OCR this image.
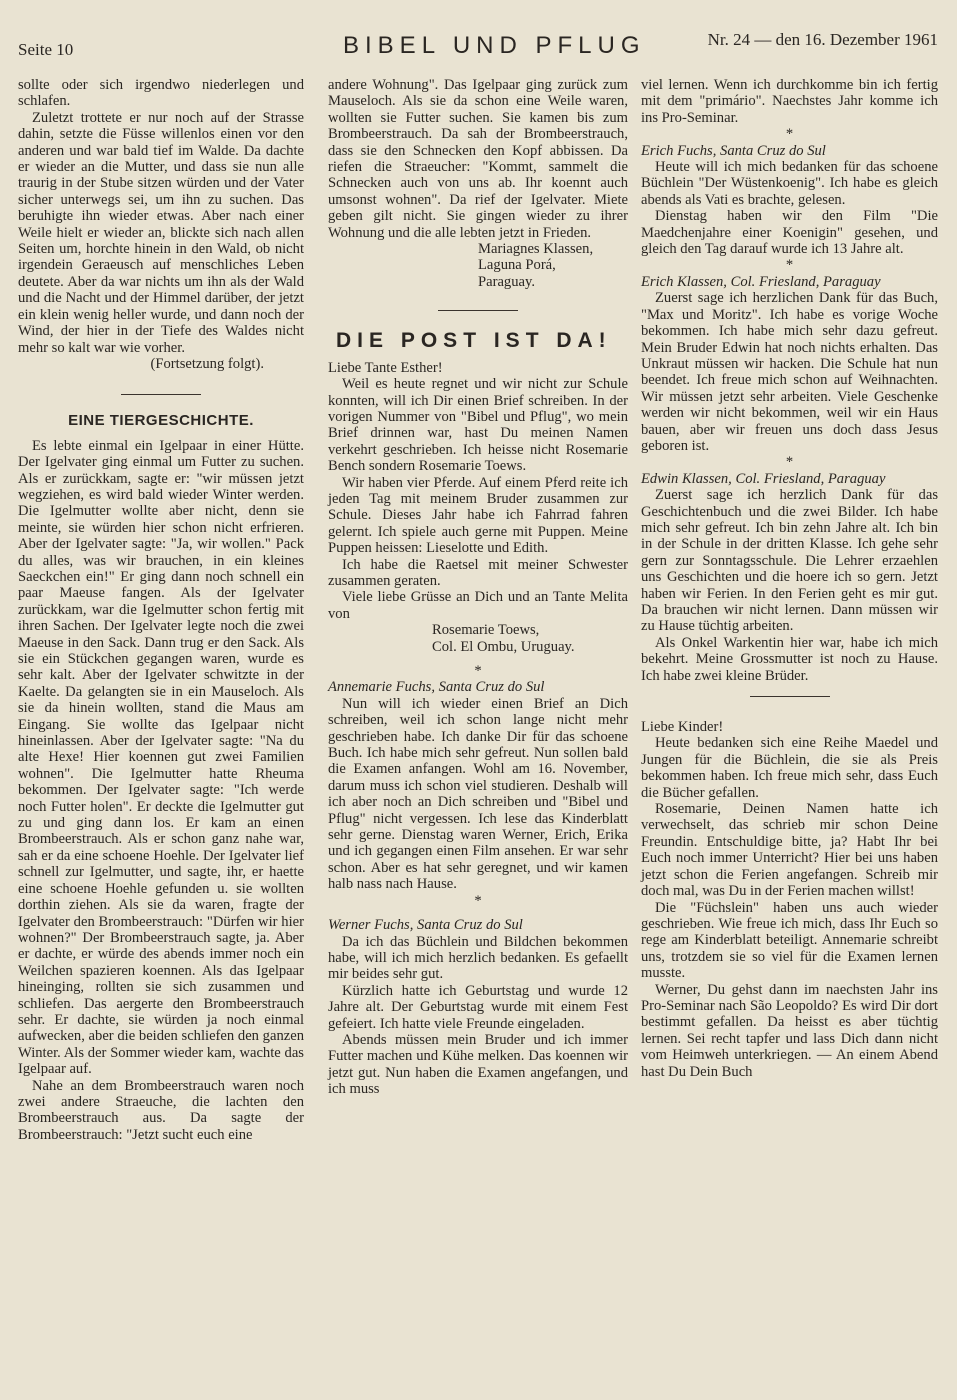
Seite 10	BIBEL UND PFLUG	Nr. 24 — den 16. Dezember 1961

sollte oder sich irgendwo niederlegen und schlafen.

Zuletzt trottete er nur noch auf der Strasse dahin, setzte die Füsse willenlos einen vor den anderen und war bald tief im Walde. Da dachte er wieder an die Mutter, und dass sie nun alle traurig in der Stube sitzen würden und der Vater sicher unterwegs sei, um ihn zu suchen. Das beruhigte ihn wieder etwas. Aber nach einer Weile hielt er wieder an, blickte sich nach allen Seiten um, horchte hinein in den Wald, ob nicht irgendein Geraeusch auf menschliches Leben deutete. Aber da war nichts um ihn als der Wald und die Nacht und der Himmel darüber, der jetzt ein klein wenig heller wurde, und dann noch der Wind, der hier in der Tiefe des Waldes nicht mehr so kalt war wie vorher.

(Fortsetzung folgt).

EINE TIERGESCHICHTE.

Es lebte einmal ein Igelpaar in einer Hütte. Der Igelvater ging einmal um Futter zu suchen. Als er zurückkam, sagte er: "wir müssen jetzt wegziehen, es wird bald wieder Winter werden. Die Igelmutter wollte aber nicht, denn sie meinte, sie würden hier schon nicht erfrieren. Aber der Igelvater sagte: "Ja, wir wollen." Pack du alles, was wir brauchen, in ein kleines Saeckchen ein!" Er ging dann noch schnell ein paar Maeuse fangen. Als der Igelvater zurückkam, war die Igelmutter schon fertig mit ihren Sachen. Der Igelvater legte noch die zwei Maeuse in den Sack. Dann trug er den Sack. Als sie ein Stückchen gegangen waren, wurde es sehr kalt. Aber der Igelvater schwitzte in der Kaelte. Da gelangten sie in ein Mauseloch. Als sie da hinein wollten, stand die Maus am Eingang. Sie wollte das Igelpaar nicht hineinlassen. Aber der Igelvater sagte: "Na du alte Hexe! Hier koennen gut zwei Familien wohnen". Die Igelmutter hatte Rheuma bekommen. Der Igelvater sagte: "Ich werde noch Futter holen". Er deckte die Igelmutter gut zu und ging dann los. Er kam an einen Brombeerstrauch. Als er schon ganz nahe war, sah er da eine schoene Hoehle. Der Igelvater lief schnell zur Igelmutter, und sagte, ihr, er haette eine schoene Hoehle gefunden u. sie wollten dorthin ziehen. Als sie da waren, fragte der Igelvater den Brombeerstrauch: "Dürfen wir hier wohnen?" Der Brombeerstrauch sagte, ja. Aber er dachte, er würde des abends immer noch ein Weilchen spazieren koennen. Als das Igelpaar hineinging, rollten sie sich zusammen und schliefen. Das aergerte den Brombeerstrauch sehr. Er dachte, sie würden ja noch einmal aufwecken, aber die beiden schliefen den ganzen Winter. Als der Sommer wieder kam, wachte das Igelpaar auf.

Nahe an dem Brombeerstrauch waren noch zwei andere Straeuche, die lachten den Brombeerstrauch aus. Da sagte der Brombeerstrauch: "Jetzt sucht euch eine

andere Wohnung". Das Igelpaar ging zurück zum Mauseloch. Als sie da schon eine Weile waren, wollten sie Futter suchen. Sie kamen bis zum Brombeerstrauch. Da sah der Brombeerstrauch, dass sie den Schnecken den Kopf abbissen. Da riefen die Straeucher: "Kommt, sammelt die Schnecken auch von uns ab. Ihr koennt auch umsonst wohnen". Da rief der Igelvater. Miete geben gilt nicht. Sie gingen wieder zu ihrer Wohnung und die alle lebten jetzt in Frieden.

Mariagnes Klassen,

Laguna Porá,

Paraguay.

DIE POST IST DA!

Liebe Tante Esther!

Weil es heute regnet und wir nicht zur Schule konnten, will ich Dir einen Brief schreiben. In der vorigen Nummer von "Bibel und Pflug", wo mein Brief drinnen war, hast Du meinen Namen verkehrt geschrieben. Ich heisse nicht Rosemarie Bench sondern Rosemarie Toews.

Wir haben vier Pferde. Auf einem Pferd reite ich jeden Tag mit meinem Bruder zusammen zur Schule. Dieses Jahr habe ich Fahrrad fahren gelernt. Ich spiele auch gerne mit Puppen. Meine Puppen heissen: Lieselotte und Edith.

Ich habe die Raetsel mit meiner Schwester zusammen geraten.

Viele liebe Grüsse an Dich und an Tante Melita von

Rosemarie Toews,

Col. El Ombu, Uruguay.

*

Annemarie Fuchs, Santa Cruz do Sul

Nun will ich wieder einen Brief an Dich schreiben, weil ich schon lange nicht mehr geschrieben habe. Ich danke Dir für das schoene Buch. Ich habe mich sehr gefreut. Nun sollen bald die Examen anfangen. Wohl am 16. November, darum muss ich schon viel studieren. Deshalb will ich aber noch an Dich schreiben und "Bibel und Pflug" nicht vergessen. Ich lese das Kinderblatt sehr gerne. Dienstag waren Werner, Erich, Erika und ich gegangen einen Film ansehen. Er war sehr schon. Aber es hat sehr geregnet, und wir kamen halb nass nach Hause.

*

Werner Fuchs, Santa Cruz do Sul

Da ich das Büchlein und Bildchen bekommen habe, will ich mich herzlich bedanken. Es gefaellt mir beides sehr gut.

Kürzlich hatte ich Geburtstag und wurde 12 Jahre alt. Der Geburtstag wurde mit einem Fest gefeiert. Ich hatte viele Freunde eingeladen.

Abends müssen mein Bruder und ich immer Futter machen und Kühe melken. Das koennen wir jetzt gut. Nun haben die Examen angefangen, und ich muss

viel lernen. Wenn ich durchkomme bin ich fertig mit dem "primário". Naechstes Jahr komme ich ins Pro-Seminar.

*

Erich Fuchs, Santa Cruz do Sul

Heute will ich mich bedanken für das schoene Büchlein "Der Wüstenkoenig". Ich habe es gleich abends als Vati es brachte, gelesen.

Dienstag haben wir den Film "Die Maedchenjahre einer Koenigin" gesehen, und gleich den Tag darauf wurde ich 13 Jahre alt.

*

Erich Klassen, Col. Friesland, Paraguay

Zuerst sage ich herzlichen Dank für das Buch, "Max und Moritz". Ich habe es vorige Woche bekommen. Ich habe mich sehr dazu gefreut. Mein Bruder Edwin hat noch nichts erhalten. Das Unkraut müssen wir hacken. Die Schule hat nun beendet. Ich freue mich schon auf Weihnachten. Wir müssen jetzt sehr arbeiten. Viele Geschenke werden wir nicht bekommen, weil wir ein Haus bauen, aber wir freuen uns doch dass Jesus geboren ist.

*

Edwin Klassen, Col. Friesland, Paraguay

Zuerst sage ich herzlich Dank für das Geschichtenbuch und die zwei Bilder. Ich habe mich sehr gefreut. Ich bin zehn Jahre alt. Ich bin in der Schule in der dritten Klasse. Ich gehe sehr gern zur Sonntagsschule. Die Lehrer erzaehlen uns Geschichten und die hoere ich so gern. Jetzt haben wir Ferien. In den Ferien geht es mir gut. Da brauchen wir nicht lernen. Dann müssen wir zu Hause tüchtig arbeiten.

Als Onkel Warkentin hier war, habe ich mich bekehrt. Meine Grossmutter ist noch zu Hause. Ich habe zwei kleine Brüder.

Liebe Kinder!

Heute bedanken sich eine Reihe Maedel und Jungen für die Büchlein, die sie als Preis bekommen haben. Ich freue mich sehr, dass Euch die Bücher gefallen.

Rosemarie, Deinen Namen hatte ich verwechselt, das schrieb mir schon Deine Freundin. Entschuldige bitte, ja? Habt Ihr bei Euch noch immer Unterricht? Hier bei uns haben jetzt schon die Ferien angefangen. Schreib mir doch mal, was Du in der Ferien machen willst!

Die "Füchslein" haben uns auch wieder geschrieben. Wie freue ich mich, dass Ihr Euch so rege am Kinderblatt beteiligt. Annemarie schreibt uns, trotzdem sie so viel für die Examen lernen musste.

Werner, Du gehst dann im naechsten Jahr ins Pro-Seminar nach São Leopoldo? Es wird Dir dort bestimmt gefallen. Da heisst es aber tüchtig lernen. Sei recht tapfer und lass Dich dann nicht vom Heimweh unterkriegen. — An einem Abend hast Du Dein Buch
